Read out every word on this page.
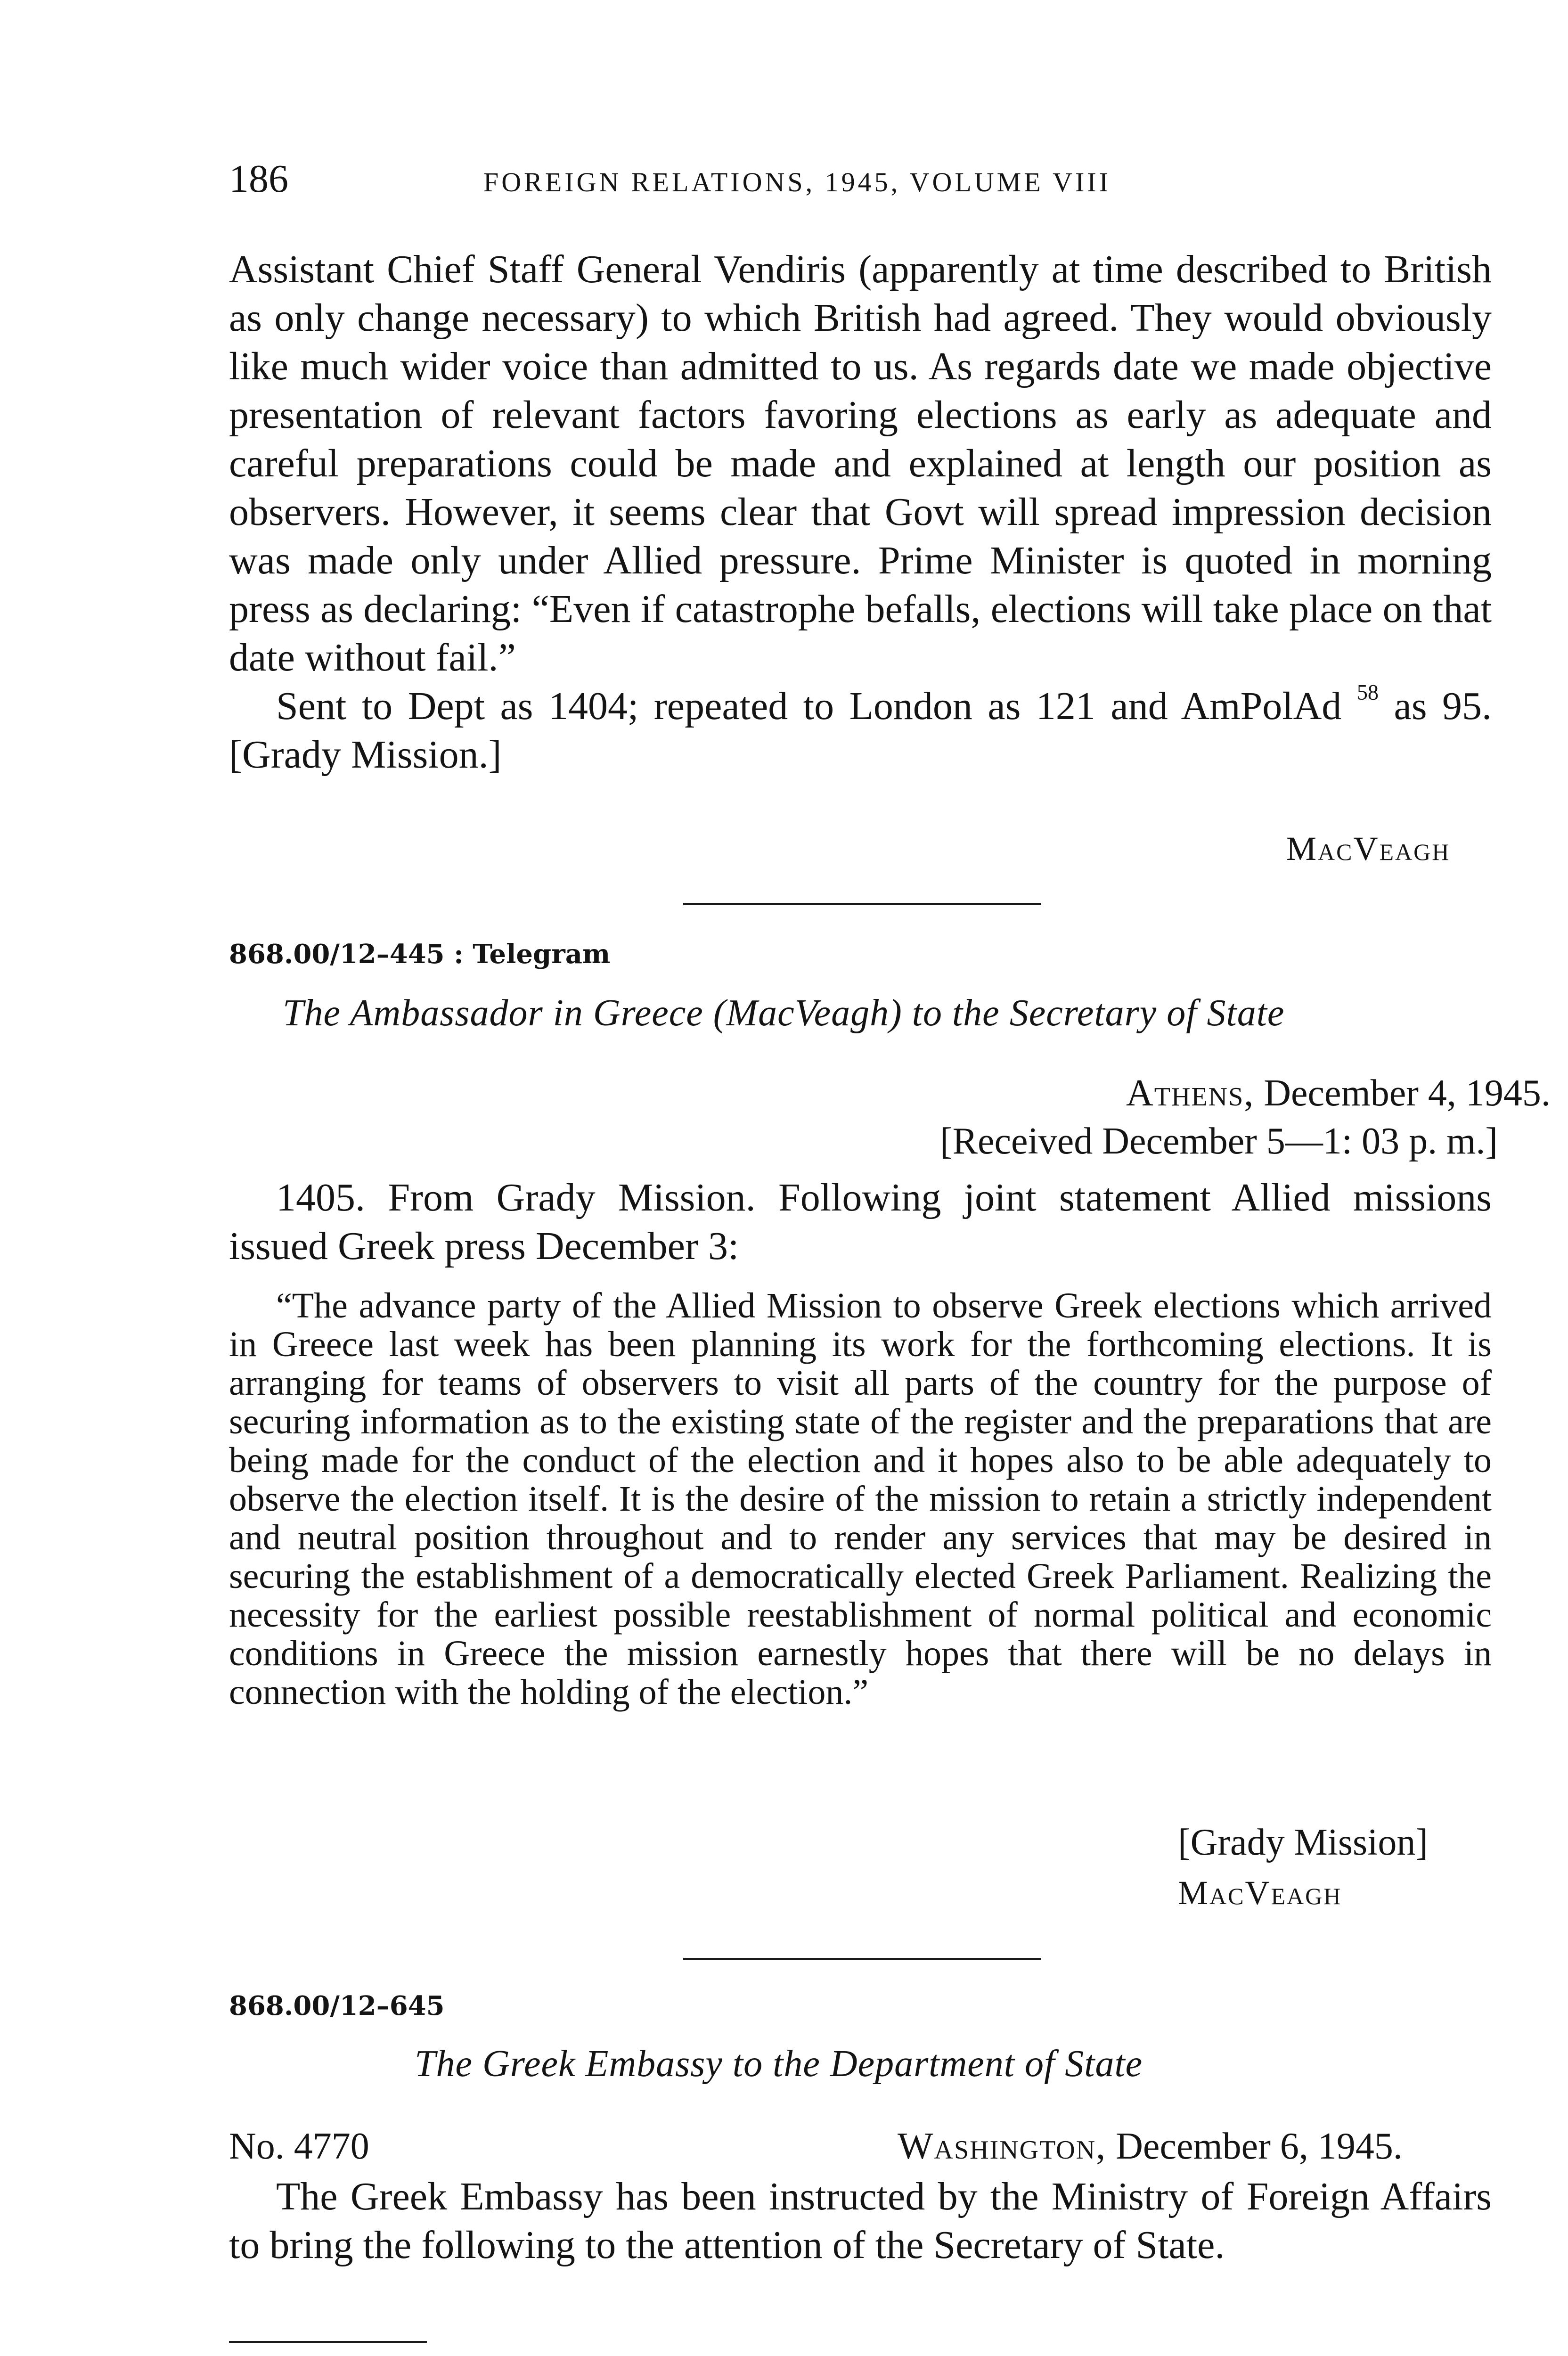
186	FOREIGN RELATIONS, 1945, VOLUME VIII

Assistant Chief Staff General Vendiris (apparently at time described to British as only change necessary) to which British had agreed. They would obviously like much wider voice than admitted to us. As regards date we made objective presentation of relevant factors favoring elections as early as adequate and careful preparations could be made and explained at length our position as observers. However, it seems clear that Govt will spread impression decision was made only under Allied pressure. Prime Minister is quoted in morning press as declaring: “Even if catastrophe befalls, elections will take place on that date without fail.”

Sent to Dept as 1404; repeated to London as 121 and AmPolAd $^{58}$ as 95. [Grady Mission.]

MacVeagh
868.00/12–445 : Telegram
The Ambassador in Greece (MacVeagh) to the Secretary of State
Athens, December 4, 1945.
[Received December 5—1: 03 p. m.]

1405. From Grady Mission. Following joint statement Allied missions issued Greek press December 3:

“The advance party of the Allied Mission to observe Greek elections which arrived in Greece last week has been planning its work for the forthcoming elections. It is arranging for teams of observers to visit all parts of the country for the purpose of securing information as to the existing state of the register and the preparations that are being made for the conduct of the election and it hopes also to be able adequately to observe the election itself. It is the desire of the mission to retain a strictly independent and neutral position throughout and to render any services that may be desired in securing the establishment of a democratically elected Greek Parliament. Realizing the necessity for the earliest possible reestablishment of normal political and economic conditions in Greece the mission earnestly hopes that there will be no delays in connection with the holding of the election.”

[Grady Mission]
MacVeagh
868.00/12–645
The Greek Embassy to the Department of State
No. 4770	Washington, December 6, 1945.

The Greek Embassy has been instructed by the Ministry of Foreign Affairs to bring the following to the attention of the Secretary of State.
